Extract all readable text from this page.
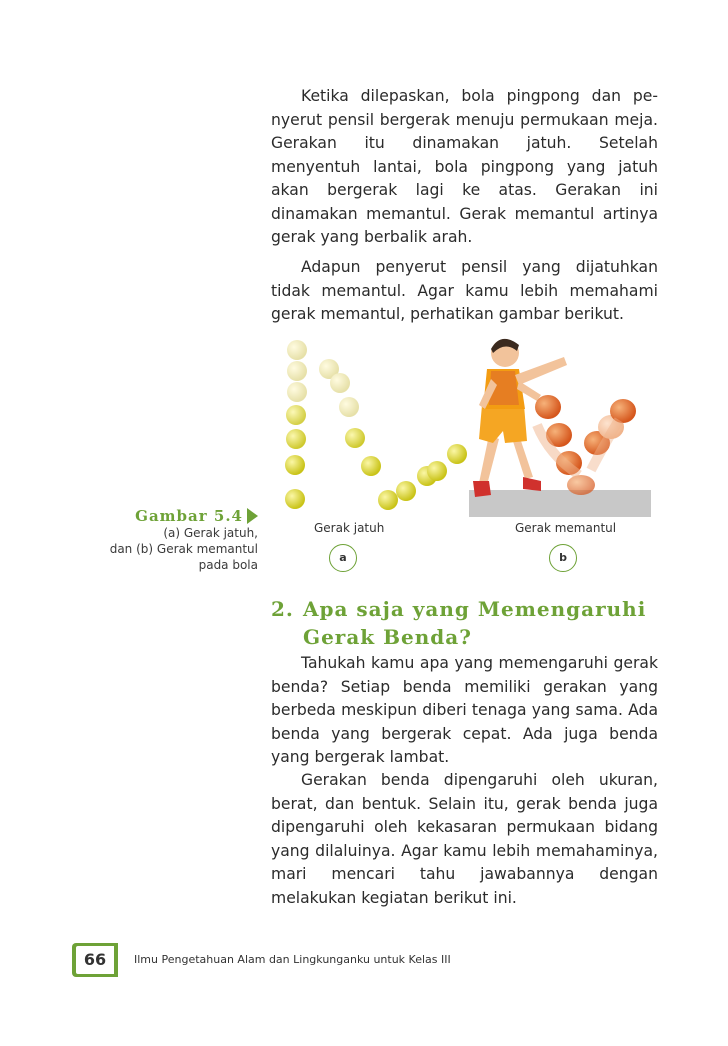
Ketika dilepaskan, bola pingpong dan pe- nyerut pensil bergerak menuju permukaan meja. Gerakan itu dinamakan jatuh. Setelah menyentuh lantai, bola pingpong yang jatuh akan bergerak lagi ke atas. Gerakan ini dinamakan memantul. Gerak memantul artinya gerak yang berbalik arah.

Adapun penyerut pensil yang dijatuhkan tidak memantul. Agar kamu lebih memahami gerak memantul, perhatikan gambar berikut.

Gambar 5.4
(a) Gerak jatuh,
dan (b) Gerak memantul
pada bola
Gerak jatuh	Gerak memantul
a	b
2. Apa saja yang Memengaruhi Gerak Benda?

Tahukah kamu apa yang memengaruhi gerak benda? Setiap benda memiliki gerakan yang berbeda meskipun diberi tenaga yang sama. Ada benda yang bergerak cepat. Ada juga benda yang bergerak lambat.

Gerakan benda dipengaruhi oleh ukuran, berat, dan bentuk. Selain itu, gerak benda juga dipengaruhi oleh kekasaran permukaan bidang yang dilaluinya. Agar kamu lebih memahaminya, mari mencari tahu jawabannya dengan melakukan kegiatan berikut ini.

66	Ilmu Pengetahuan Alam dan Lingkunganku untuk Kelas III
